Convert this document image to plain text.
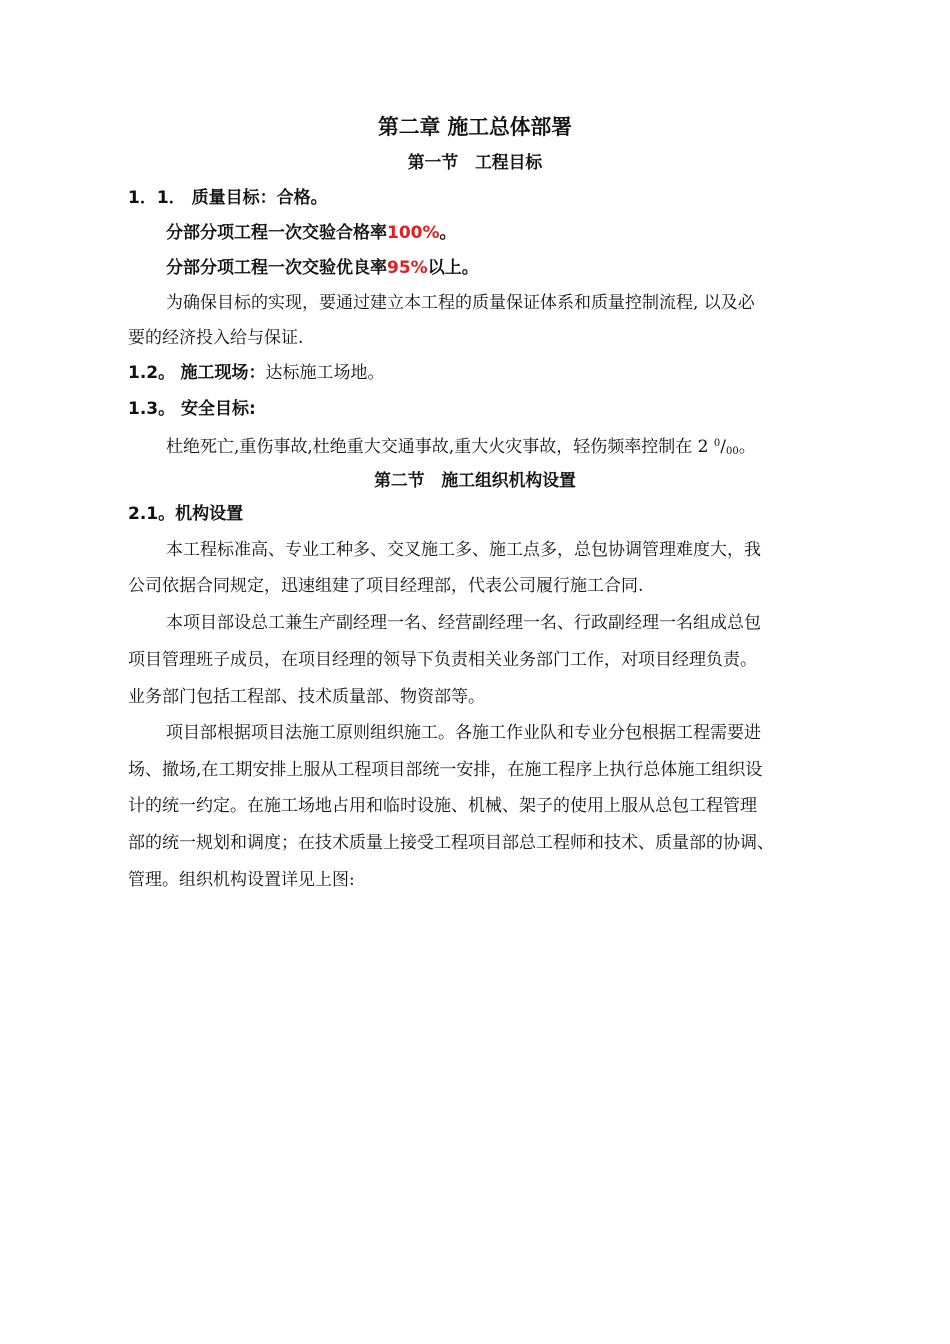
第二章 施工总体部署
第一节　工程目标
1．1． 质量目标：合格。
分部分项工程一次交验合格率100%。
分部分项工程一次交验优良率95%以上。
为确保目标的实现，要通过建立本工程的质量保证体系和质量控制流程, 以及必
要的经济投入给与保证.
1.2。 施工现场：达标施工场地。
1.3。 安全目标:
杜绝死亡,重伤事故,杜绝重大交通事故,重大火灾事故，轻伤频率控制在 2 $^0/_{00}$。
第二节　施工组织机构设置
2.1。机构设置
本工程标准高、专业工种多、交叉施工多、施工点多，总包协调管理难度大，我
公司依据合同规定，迅速组建了项目经理部，代表公司履行施工合同.
本项目部设总工兼生产副经理一名、经营副经理一名、行政副经理一名组成总包
项目管理班子成员，在项目经理的领导下负责相关业务部门工作，对项目经理负责。
业务部门包括工程部、技术质量部、物资部等。
项目部根据项目法施工原则组织施工。各施工作业队和专业分包根据工程需要进
场、撤场,在工期安排上服从工程项目部统一安排，在施工程序上执行总体施工组织设
计的统一约定。在施工场地占用和临时设施、机械、架子的使用上服从总包工程管理
部的统一规划和调度；在技术质量上接受工程项目部总工程师和技术、质量部的协调、
管理。组织机构设置详见上图:
